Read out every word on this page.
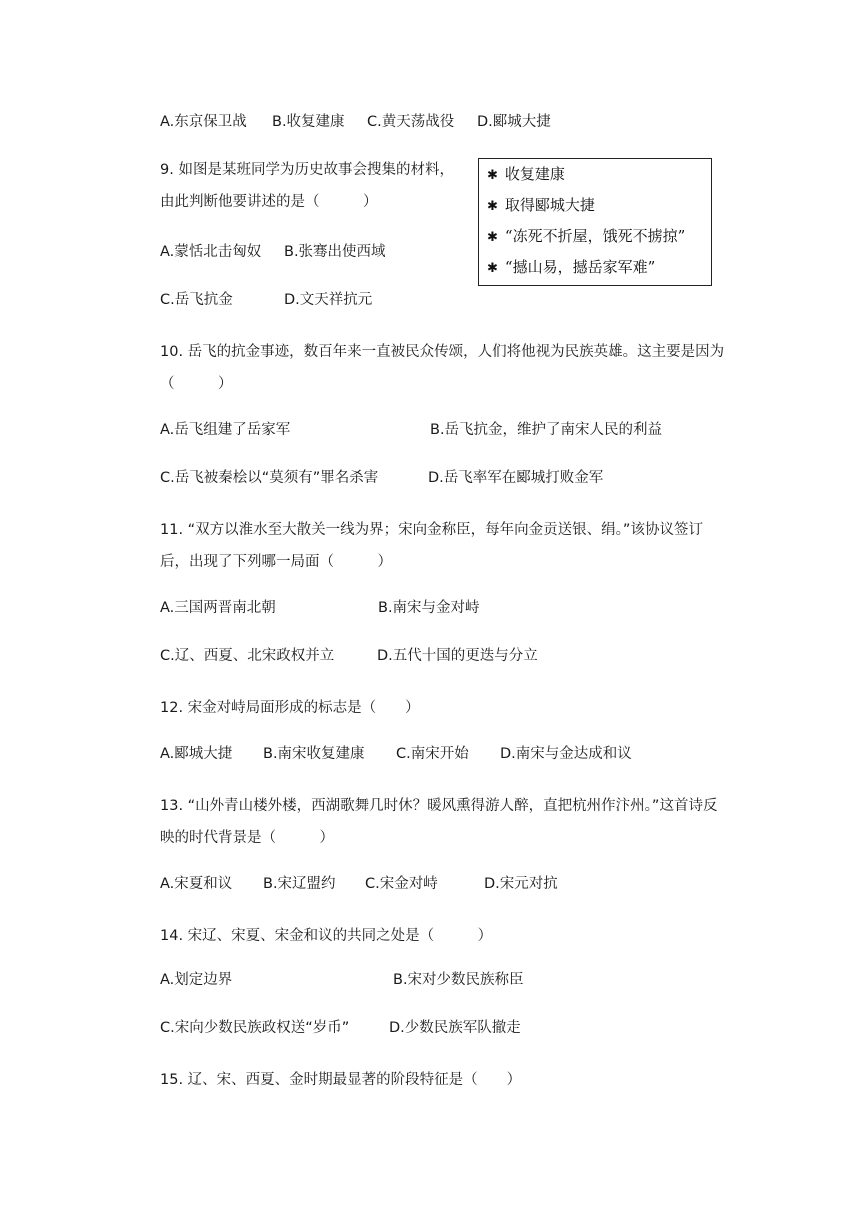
A.东京保卫战 B.收复建康 C.黄天荡战役 D.郾城大捷
9. 如图是某班同学为历史故事会搜集的材料，由此判断他要讲述的是（　　　）
✱ 收复建康
✱ 取得郾城大捷
✱ “冻死不折屋，饿死不掳掠”
✱ “撼山易，撼岳家军难”
A.蒙恬北击匈奴 B.张骞出使西域
C.岳飞抗金	D.文天祥抗元
10. 岳飞的抗金事迹，数百年来一直被民众传颂，人们将他视为民族英雄。这主要是因为（　　　）
A.岳飞组建了岳家军	B.岳飞抗金，维护了南宋人民的利益
C.岳飞被秦桧以“莫须有”罪名杀害	D.岳飞率军在郾城打败金军
11. “双方以淮水至大散关一线为界；宋向金称臣，每年向金贡送银、绢。”该协议签订后，出现了下列哪一局面（　　　）
A.三国两晋南北朝	B.南宋与金对峙
C.辽、西夏、北宋政权并立	D.五代十国的更迭与分立
12. 宋金对峙局面形成的标志是（　　）
A.郾城大捷 B.南宋收复建康 C.南宋开始 D.南宋与金达成和议
13. “山外青山楼外楼，西湖歌舞几时休？暖风熏得游人醉，直把杭州作汴州。”这首诗反映的时代背景是（　　　）
A.宋夏和议 B.宋辽盟约 C.宋金对峙	D.宋元对抗
14. 宋辽、宋夏、宋金和议的共同之处是（　　　）
A.划定边界	B.宋对少数民族称臣
C.宋向少数民族政权送“岁币”	D.少数民族军队撤走
15. 辽、宋、西夏、金时期最显著的阶段特征是（　　）
